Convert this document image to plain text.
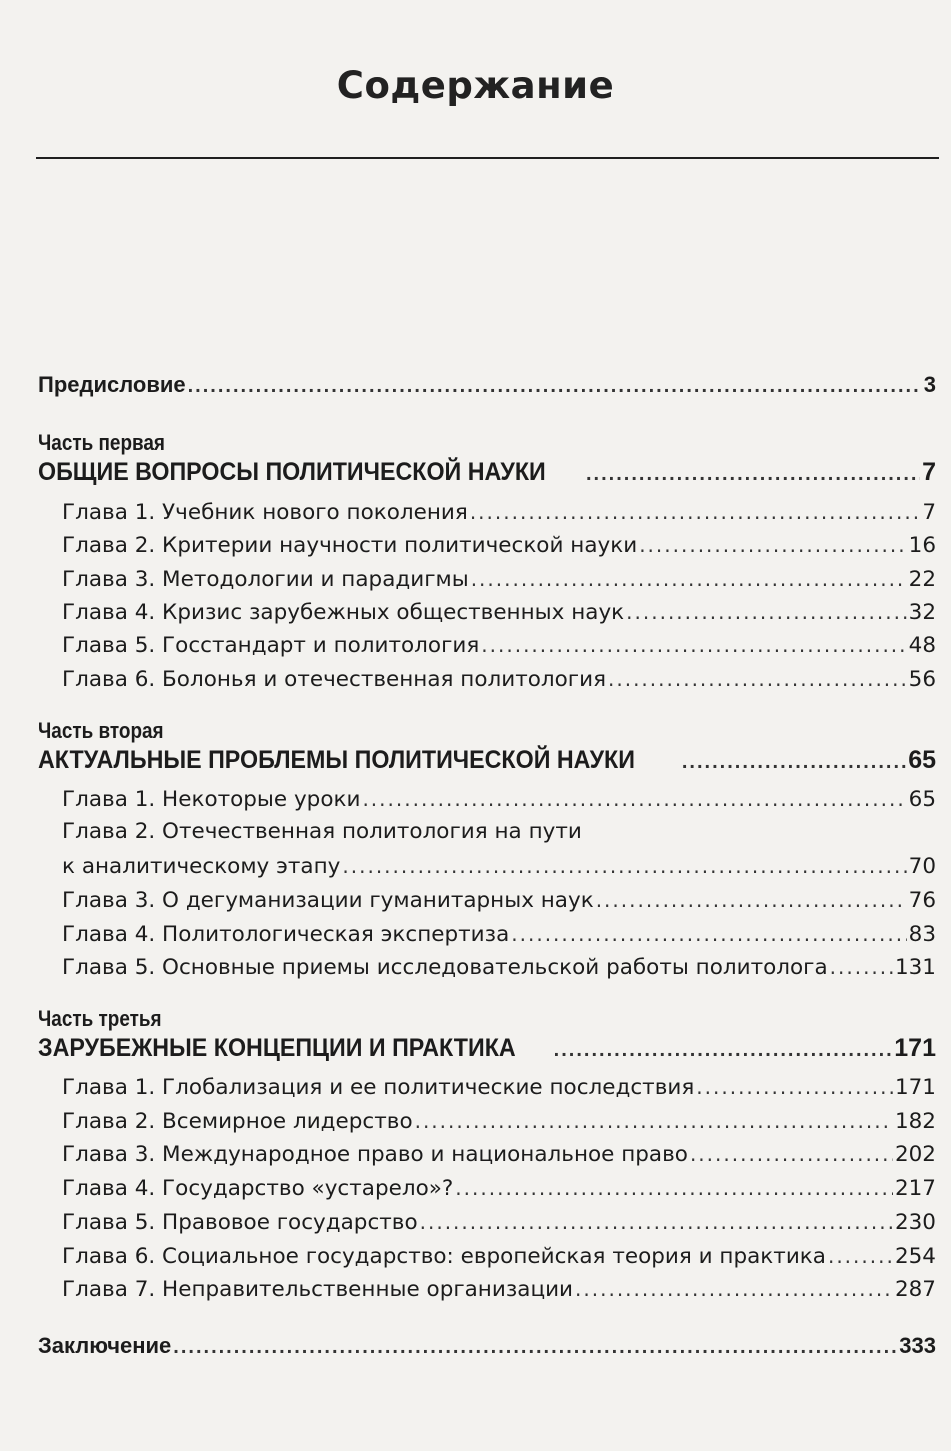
Содержание
Предисловие .....	3
Часть первая
ОБЩИЕ ВОПРОСЫ ПОЛИТИЧЕСКОЙ НАУКИ .....	7
Глава 1. Учебник нового поколения .....	7
Глава 2. Критерии научности политической науки .....	16
Глава 3. Методологии и парадигмы .....	22
Глава 4. Кризис зарубежных общественных наук .....	32
Глава 5. Госстандарт и политология .....	48
Глава 6. Болонья и отечественная политология .....	56
Часть вторая
АКТУАЛЬНЫЕ ПРОБЛЕМЫ ПОЛИТИЧЕСКОЙ НАУКИ .....	65
Глава 1. Некоторые уроки .....	65
Глава 2. Отечественная политология на пути
к аналитическому этапу .....	70
Глава 3. О дегуманизации гуманитарных наук .....	76
Глава 4. Политологическая экспертиза .....	83
Глава 5. Основные приемы исследовательской работы политолога .....	131
Часть третья
ЗАРУБЕЖНЫЕ КОНЦЕПЦИИ И ПРАКТИКА .....	171
Глава 1. Глобализация и ее политические последствия .....	171
Глава 2. Всемирное лидерство .....	182
Глава 3. Международное право и национальное право .....	202
Глава 4. Государство «устарело»? .....	217
Глава 5. Правовое государство .....	230
Глава 6. Социальное государство: европейская теория и практика .....	254
Глава 7. Неправительственные организации .....	287
Заключение .....	333
